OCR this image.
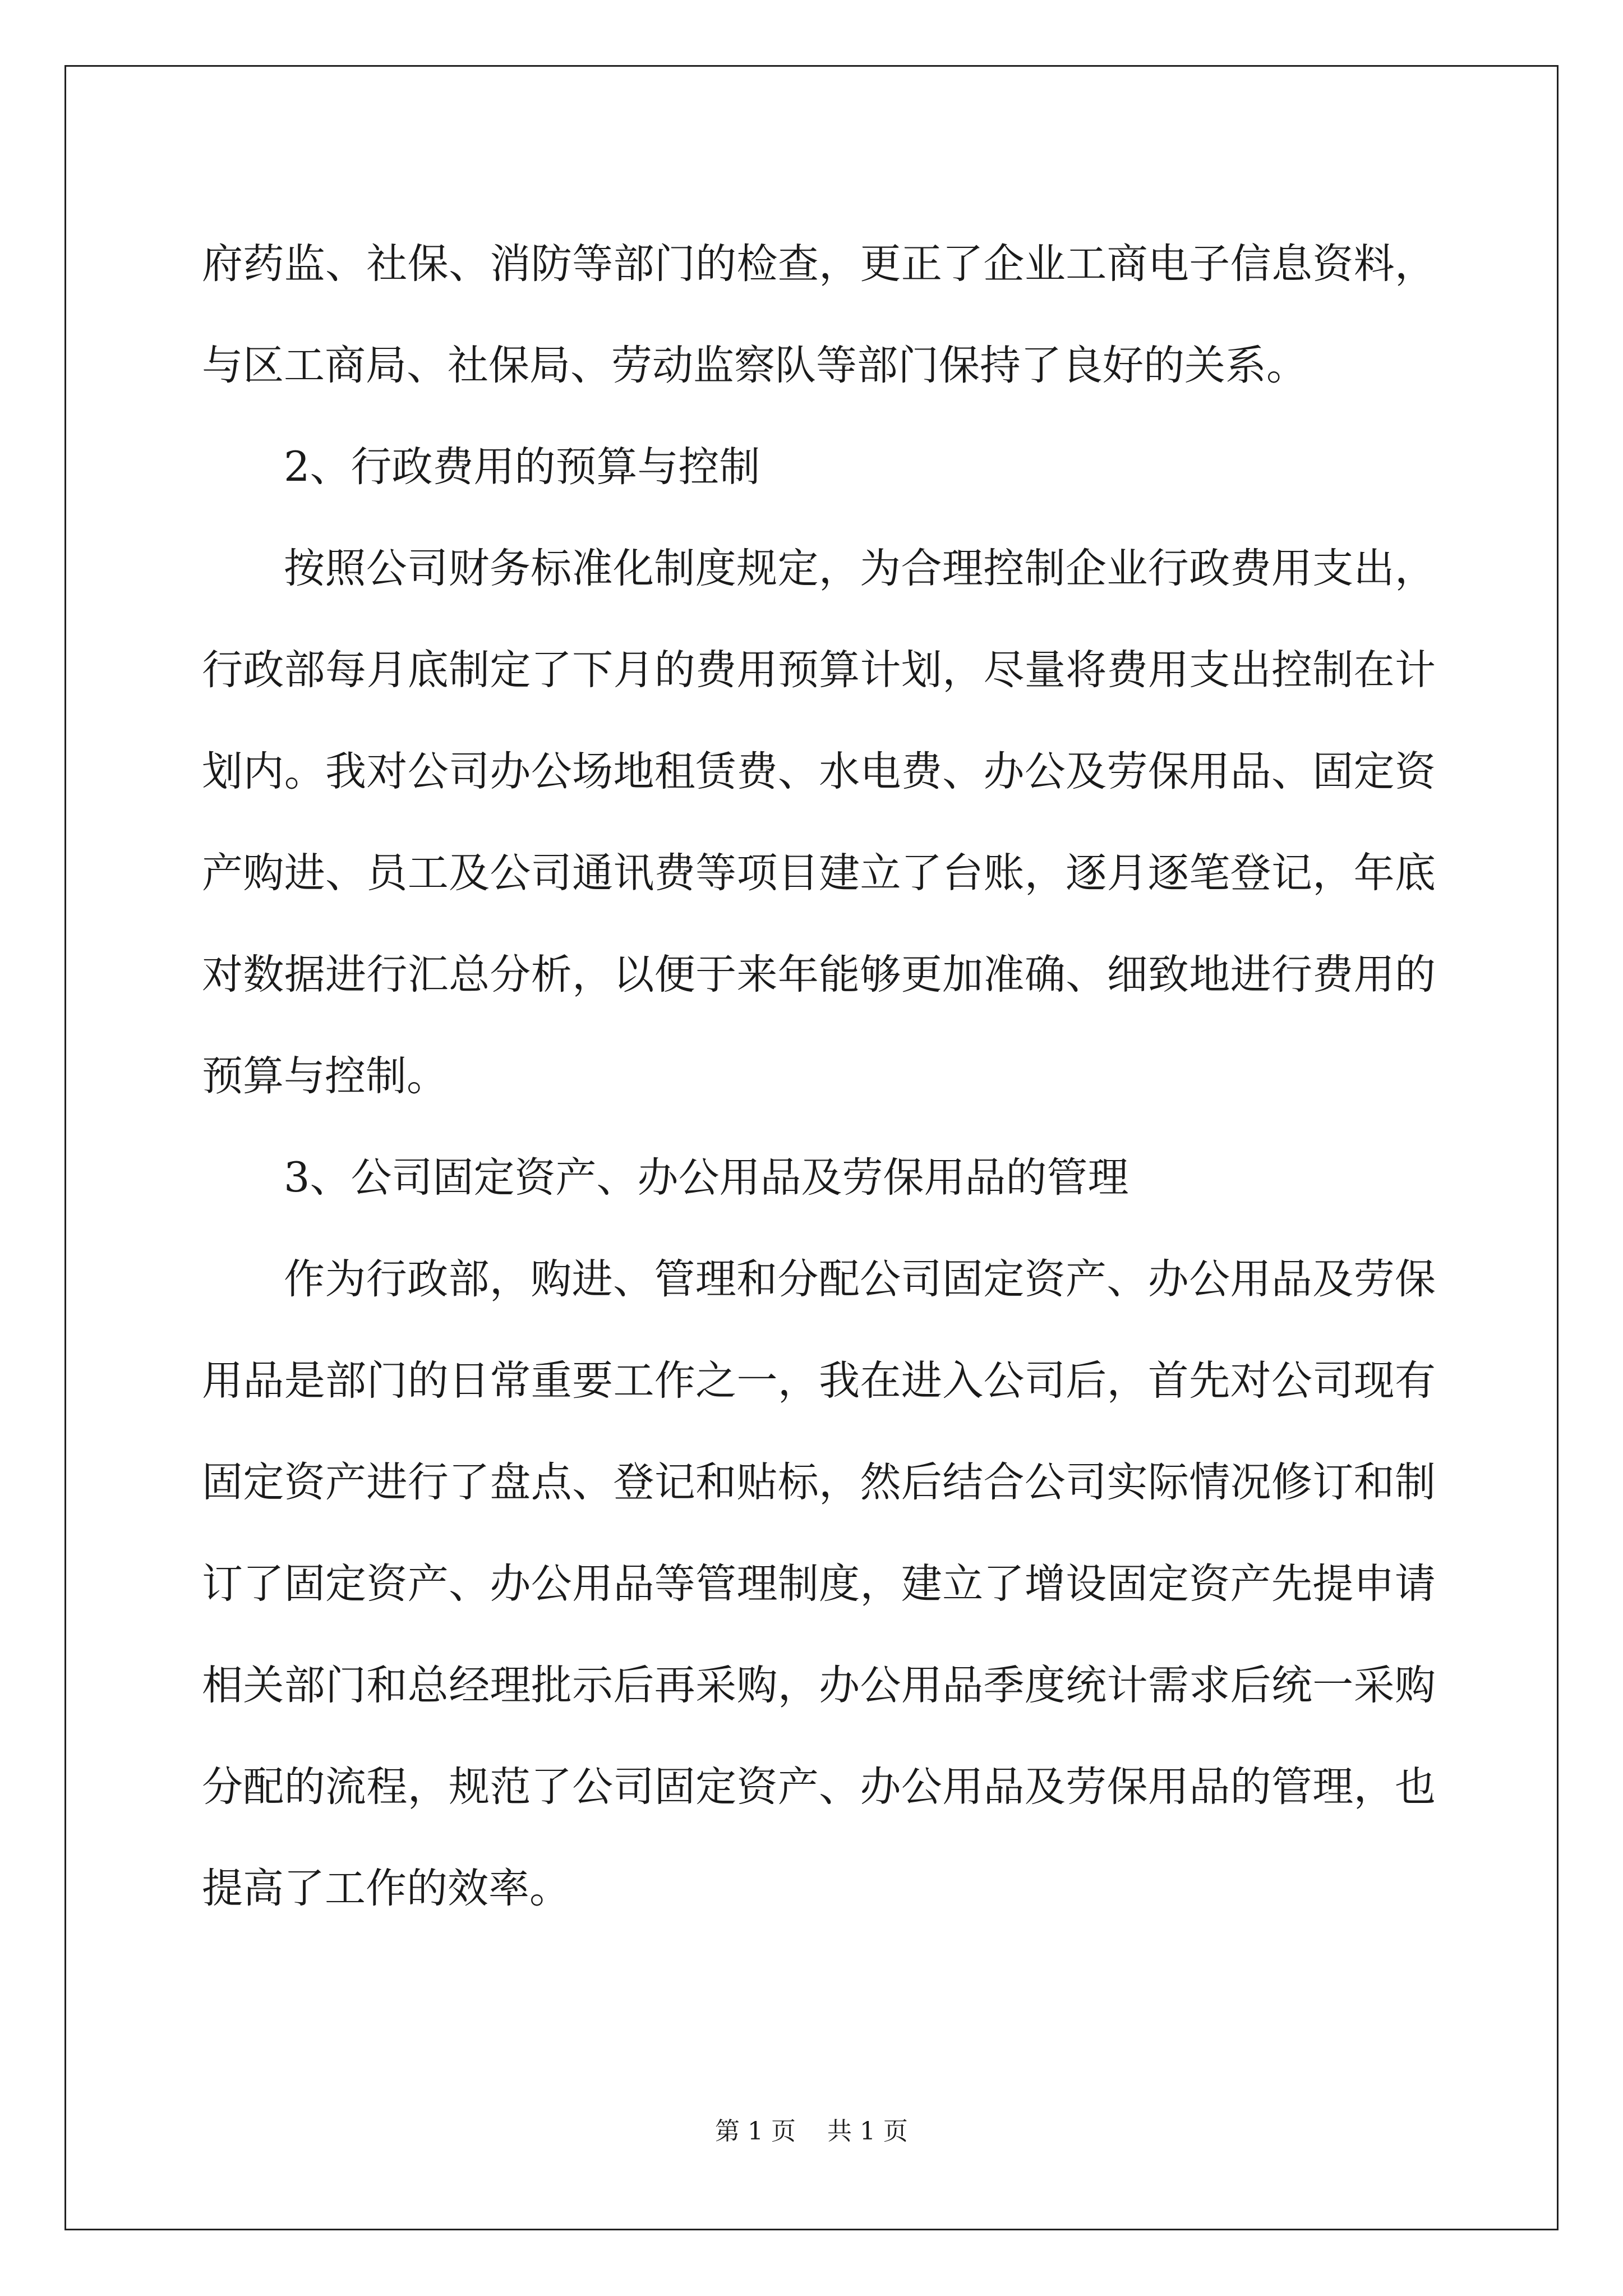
府药监、社保、消防等部门的检查，更正了企业工商电子信息资料，
与区工商局、社保局、劳动监察队等部门保持了良好的关系。
2、行政费用的预算与控制
按照公司财务标准化制度规定，为合理控制企业行政费用支出，
行政部每月底制定了下月的费用预算计划，尽量将费用支出控制在计
划内。我对公司办公场地租赁费、水电费、办公及劳保用品、固定资
产购进、员工及公司通讯费等项目建立了台账，逐月逐笔登记，年底
对数据进行汇总分析，以便于来年能够更加准确、细致地进行费用的
预算与控制。
3、公司固定资产、办公用品及劳保用品的管理
作为行政部，购进、管理和分配公司固定资产、办公用品及劳保
用品是部门的日常重要工作之一，我在进入公司后，首先对公司现有
固定资产进行了盘点、登记和贴标，然后结合公司实际情况修订和制
订了固定资产、办公用品等管理制度，建立了增设固定资产先提申请
相关部门和总经理批示后再采购，办公用品季度统计需求后统一采购
分配的流程，规范了公司固定资产、办公用品及劳保用品的管理，也
提高了工作的效率。
第 1 页    共 1 页
